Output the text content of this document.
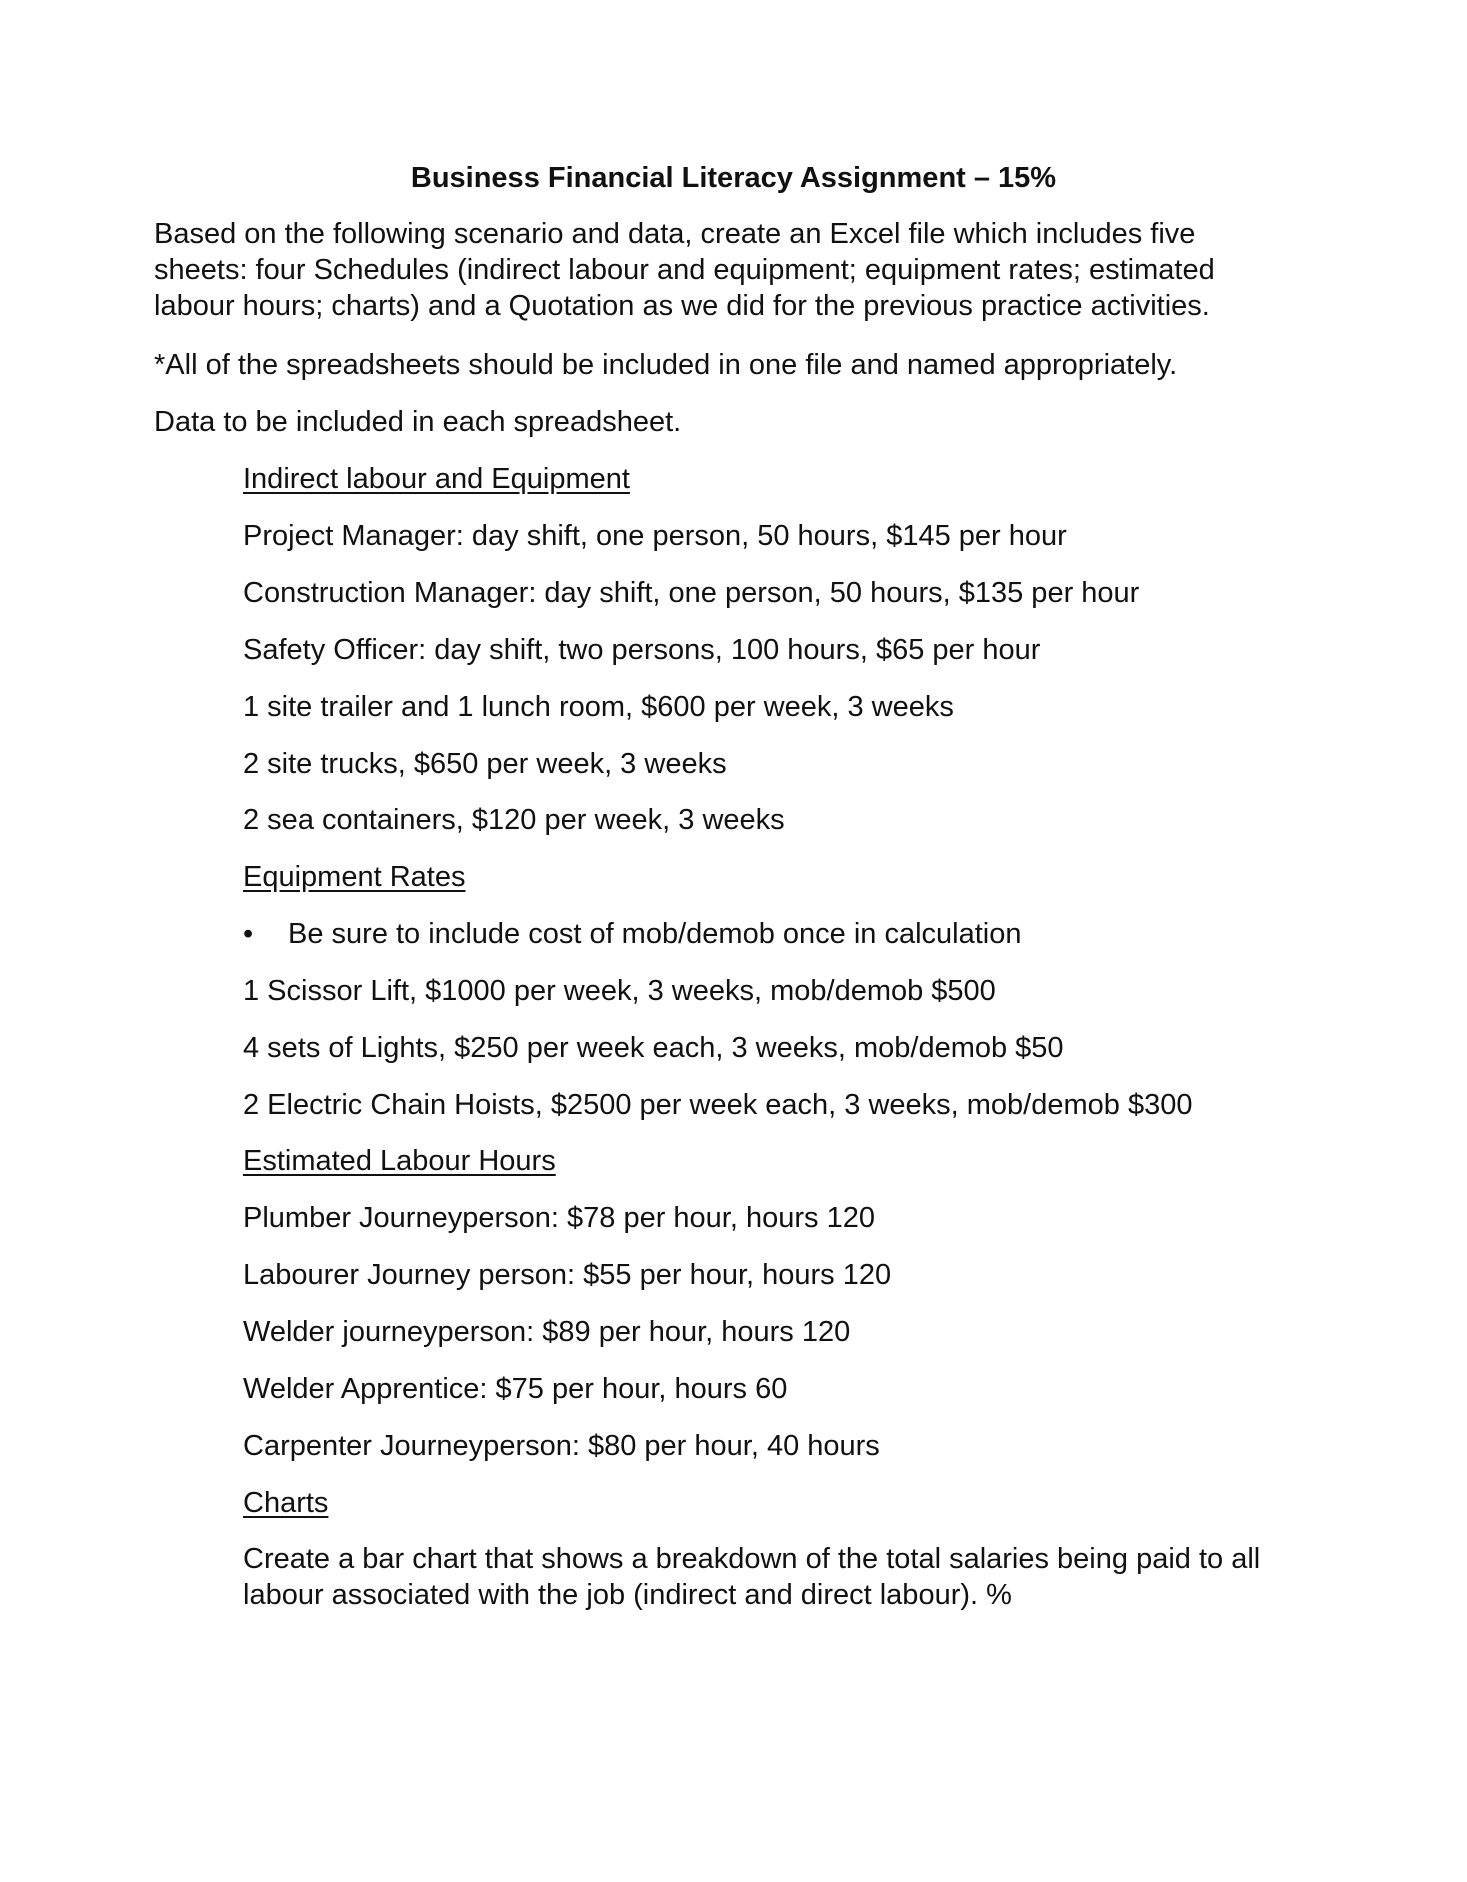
Business Financial Literacy Assignment – 15%
Based on the following scenario and data, create an Excel file which includes five sheets: four Schedules (indirect labour and equipment; equipment rates; estimated labour hours; charts) and a Quotation as we did for the previous practice activities.
*All of the spreadsheets should be included in one file and named appropriately.
Data to be included in each spreadsheet.
Indirect labour and Equipment
Project Manager: day shift, one person, 50 hours, $145 per hour
Construction Manager: day shift, one person, 50 hours, $135 per hour
Safety Officer: day shift, two persons, 100 hours, $65 per hour
1 site trailer and 1 lunch room, $600 per week, 3 weeks
2 site trucks, $650 per week, 3 weeks
2 sea containers, $120 per week, 3 weeks
Equipment Rates
• Be sure to include cost of mob/demob once in calculation
1 Scissor Lift, $1000 per week, 3 weeks, mob/demob $500
4 sets of Lights, $250 per week each, 3 weeks, mob/demob $50
2 Electric Chain Hoists, $2500 per week each, 3 weeks, mob/demob $300
Estimated Labour Hours
Plumber Journeyperson: $78 per hour, hours 120
Labourer Journey person: $55 per hour, hours 120
Welder journeyperson: $89 per hour, hours 120
Welder Apprentice: $75 per hour, hours 60
Carpenter Journeyperson: $80 per hour, 40 hours
Charts
Create a bar chart that shows a breakdown of the total salaries being paid to all labour associated with the job (indirect and direct labour). %
